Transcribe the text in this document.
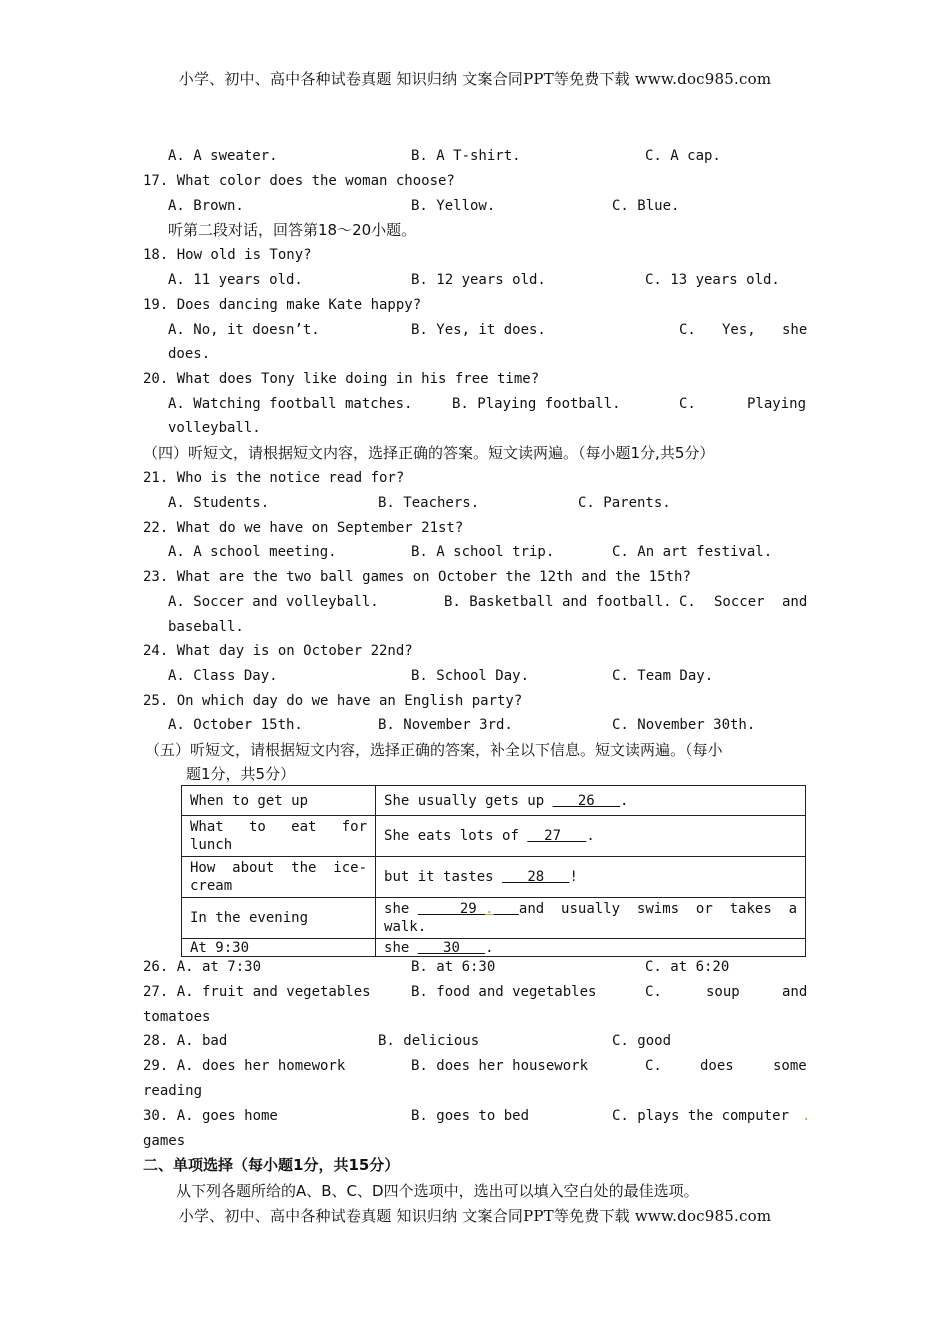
小学、初中、高中各种试卷真题 知识归纳 文案合同PPT等免费下载 www.doc985.com
A. A sweater.	B. A T-shirt.	C. A cap.
17. What color does the woman choose?
A. Brown.	B. Yellow.	C. Blue.
听第二段对话，回答第18～20小题。
18. How old is Tony?
A. 11 years old.	B. 12 years old.	C. 13 years old.
19. Does dancing make Kate happy?
A. No, it doesn’t.	B. Yes, it does.	C. Yes, she
does.
20. What does Tony like doing in his free time?
A. Watching football matches.	B. Playing football.	C.	Playing
volleyball.
（四）听短文，请根据短文内容，选择正确的答案。短文读两遍。（每小题1分,共5分）
21. Who is the notice read for?
A. Students.	B. Teachers.	C. Parents.
22. What do we have on September 21st?
A. A school meeting.	B. A school trip.	C. An art festival.
23. What are the two ball games on October the 12th and the 15th?
A. Soccer and volleyball.	B. Basketball and football. C. Soccer and
baseball.
24. What day is on October 22nd?
A. Class Day.	B. School Day.	C. Team Day.
25. On which day do we have an English party?
A. October 15th.	B. November 3rd.	C. November 30th.
（五）听短文，请根据短文内容，选择正确的答案，补全以下信息。短文读两遍。（每小
题1分，共5分）
When to get up	She usually gets up    26   .

What   to   eat   for
lunch	She eats lots of   27   .

How  about  the  ice-
cream	but it tastes    28   !
In the evening	she      29 . and  usually  swims  or  takes  a
walk.

At 9:30	she    30   .
26. A. at 7:30	B. at 6:30	C. at 6:20
27. A. fruit and vegetables	B. food and vegetables	C.	soup	and
tomatoes
28. A. bad	B. delicious	C. good
29. A. does her homework	B. does her housework	C.	does	some
reading
30. A. goes home	B. goes to bed	C. plays the computer .
games
二、单项选择（每小题1分，共15分）
从下列各题所给的A、B、C、D四个选项中，选出可以填入空白处的最佳选项。
小学、初中、高中各种试卷真题 知识归纳 文案合同PPT等免费下载 www.doc985.com
